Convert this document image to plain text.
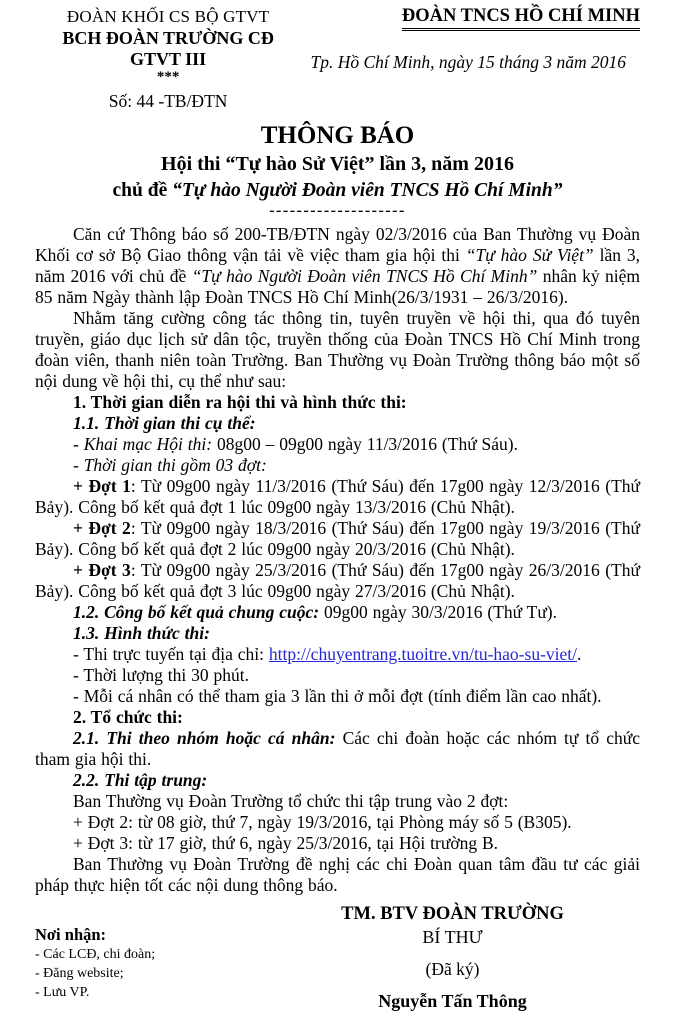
ĐOÀN KHỐI CS BỘ GTVT
BCH ĐOÀN TRƯỜNG CĐ GTVT III
***
Số: 44 -TB/ĐTN
ĐOÀN TNCS HỒ CHÍ MINH
Tp. Hồ Chí Minh, ngày 15 tháng 3 năm 2016
THÔNG BÁO
Hội thi “Tự hào Sử Việt” lần 3, năm 2016
chủ đề “Tự hào Người Đoàn viên TNCS Hồ Chí Minh”
--------------------

Căn cứ Thông báo số 200-TB/ĐTN ngày 02/3/2016 của Ban Thường vụ Đoàn Khối cơ sở Bộ Giao thông vận tải về việc tham gia hội thi “Tự hào Sử Việt” lần 3, năm 2016 với chủ đề “Tự hào Người Đoàn viên TNCS Hồ Chí Minh” nhân kỷ niệm 85 năm Ngày thành lập Đoàn TNCS Hồ Chí Minh(26/3/1931 – 26/3/2016).

Nhằm tăng cường công tác thông tin, tuyên truyền về hội thi, qua đó tuyên truyền, giáo dục lịch sử dân tộc, truyền thống của Đoàn TNCS Hồ Chí Minh trong đoàn viên, thanh niên toàn Trường. Ban Thường vụ Đoàn Trường thông báo một số nội dung về hội thi, cụ thể như sau:

1. Thời gian diễn ra hội thi và hình thức thi:

1.1. Thời gian thi cụ thể:

- Khai mạc Hội thi: 08g00 – 09g00 ngày 11/3/2016 (Thứ Sáu).

- Thời gian thi gồm 03 đợt:

+ Đợt 1: Từ 09g00 ngày 11/3/2016 (Thứ Sáu) đến 17g00 ngày 12/3/2016 (Thứ Bảy). Công bố kết quả đợt 1 lúc 09g00 ngày 13/3/2016 (Chủ Nhật).

+ Đợt 2: Từ 09g00 ngày 18/3/2016 (Thứ Sáu) đến 17g00 ngày 19/3/2016 (Thứ Bảy). Công bố kết quả đợt 2 lúc 09g00 ngày 20/3/2016 (Chủ Nhật).

+ Đợt 3: Từ 09g00 ngày 25/3/2016 (Thứ Sáu) đến 17g00 ngày 26/3/2016 (Thứ Bảy). Công bố kết quả đợt 3 lúc 09g00 ngày 27/3/2016 (Chủ Nhật).

1.2. Công bố kết quả chung cuộc: 09g00 ngày 30/3/2016 (Thứ Tư).

1.3. Hình thức thi:

- Thi trực tuyến tại địa chỉ: http://chuyentrang.tuoitre.vn/tu-hao-su-viet/.

- Thời lượng thi 30 phút.

- Mỗi cá nhân có thể tham gia 3 lần thi ở mỗi đợt (tính điểm lần cao nhất).

2. Tổ chức thi:

2.1. Thi theo nhóm hoặc cá nhân: Các chi đoàn hoặc các nhóm tự tổ chức tham gia hội thi.

2.2. Thi tập trung:

Ban Thường vụ Đoàn Trường tổ chức thi tập trung vào 2 đợt:

+ Đợt 2: từ 08 giờ, thứ 7, ngày 19/3/2016, tại Phòng máy số 5 (B305).

+ Đợt 3: từ 17 giờ, thứ 6, ngày 25/3/2016, tại Hội trường B.

Ban Thường vụ Đoàn Trường đề nghị các chi Đoàn quan tâm đầu tư các giải pháp thực hiện tốt các nội dung thông báo.

Nơi nhận:
- Các LCĐ, chi đoàn;
- Đăng website;
- Lưu VP.
TM. BTV ĐOÀN TRƯỜNG
BÍ THƯ
(Đã ký)
Nguyễn Tấn Thông
